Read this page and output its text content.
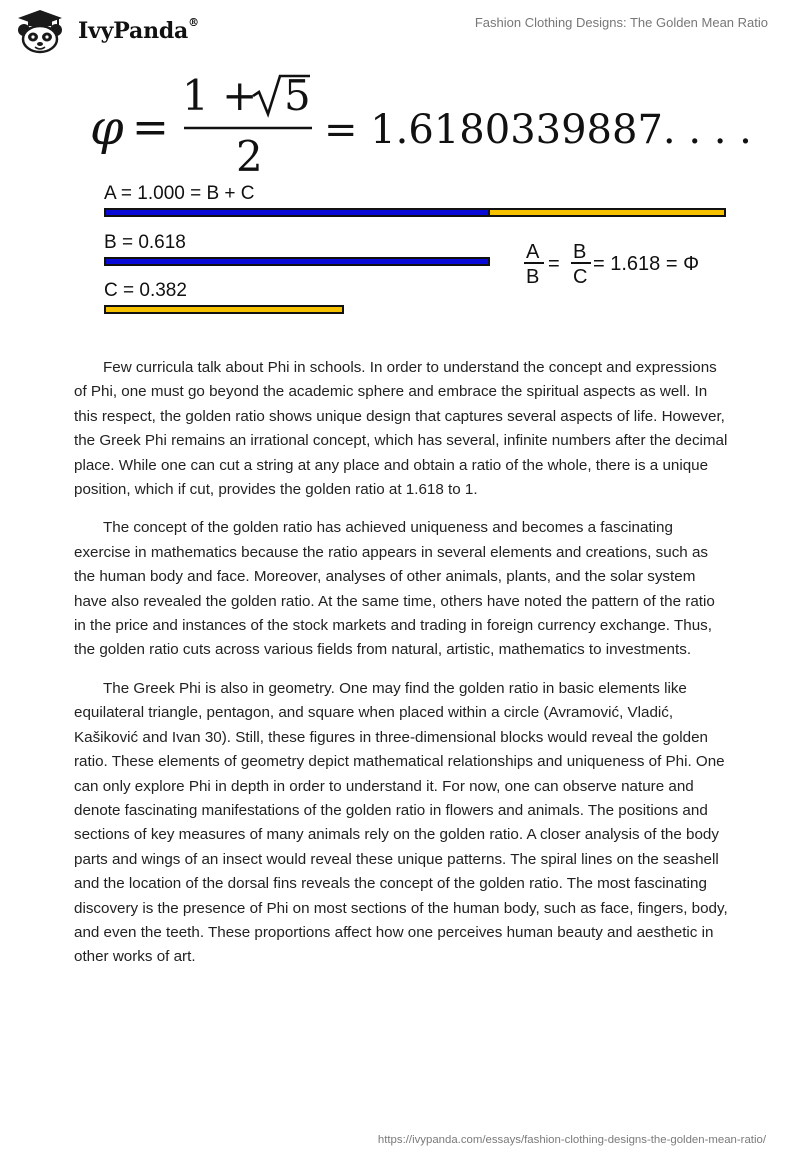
IvyPanda®	Fashion Clothing Designs: The Golden Mean Ratio
φ =
1 + 5
2
= 1.6180339887. . . .
A = 1.000 = B + C
B = 0.618
C = 0.382
A
B
=
B
C
= 1.618 = Φ

Few curricula talk about Phi in schools. In order to understand the concept and expressions of Phi, one must go beyond the academic sphere and embrace the spiritual aspects as well. In this respect, the golden ratio shows unique design that captures several aspects of life. However, the Greek Phi remains an irrational concept, which has several, infinite numbers after the decimal place. While one can cut a string at any place and obtain a ratio of the whole, there is a unique position, which if cut, provides the golden ratio at 1.618 to 1.

The concept of the golden ratio has achieved uniqueness and becomes a fascinating exercise in mathematics because the ratio appears in several elements and creations, such as the human body and face. Moreover, analyses of other animals, plants, and the solar system have also revealed the golden ratio. At the same time, others have noted the pattern of the ratio in the price and instances of the stock markets and trading in foreign currency exchange. Thus, the golden ratio cuts across various fields from natural, artistic, mathematics to investments.

The Greek Phi is also in geometry. One may find the golden ratio in basic elements like equilateral triangle, pentagon, and square when placed within a circle (Avramović, Vladić, Kašiković and Ivan 30). Still, these figures in three-dimensional blocks would reveal the golden ratio. These elements of geometry depict mathematical relationships and uniqueness of Phi. One can only explore Phi in depth in order to understand it. For now, one can observe nature and denote fascinating manifestations of the golden ratio in flowers and animals. The positions and sections of key measures of many animals rely on the golden ratio. A closer analysis of the body parts and wings of an insect would reveal these unique patterns. The spiral lines on the seashell and the location of the dorsal fins reveals the concept of the golden ratio. The most fascinating discovery is the presence of Phi on most sections of the human body, such as face, fingers, body, and even the teeth. These proportions affect how one perceives human beauty and aesthetic in other works of art.

https://ivypanda.com/essays/fashion-clothing-designs-the-golden-mean-ratio/
